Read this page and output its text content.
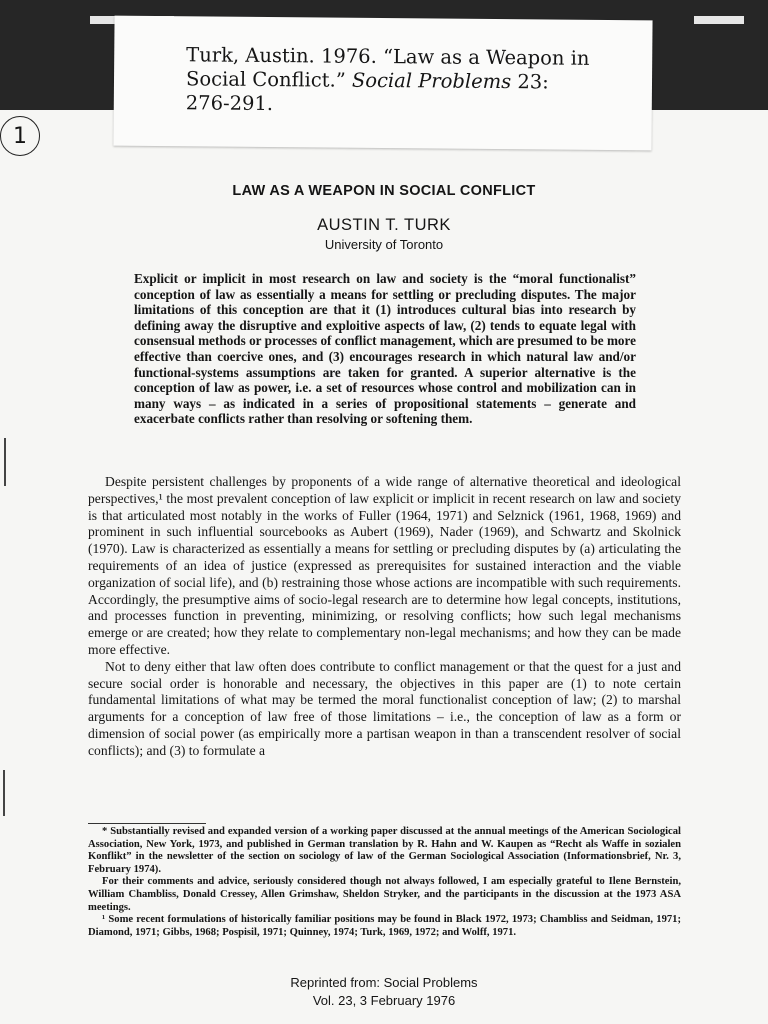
Turk, Austin. 1976. “Law as a Weapon in
Social Conflict.” Social Problems 23:
276-291.
1
LAW AS A WEAPON IN SOCIAL CONFLICT
AUSTIN T. TURK
University of Toronto
Explicit or implicit in most research on law and society is the “moral functionalist” conception of law as essentially a means for settling or precluding disputes. The major limitations of this conception are that it (1) introduces cultural bias into research by defining away the disruptive and exploitive aspects of law, (2) tends to equate legal with consensual methods or processes of conflict management, which are presumed to be more effective than coercive ones, and (3) encourages research in which natural law and/or functional-systems assumptions are taken for granted. A superior alternative is the conception of law as power, i.e. a set of resources whose control and mobilization can in many ways – as indicated in a series of propositional statements – generate and exacerbate conflicts rather than resolving or softening them.

Despite persistent challenges by proponents of a wide range of alternative theoretical and ideological perspectives,¹ the most prevalent conception of law explicit or implicit in recent research on law and society is that articulated most notably in the works of Fuller (1964, 1971) and Selznick (1961, 1968, 1969) and prominent in such influential sourcebooks as Aubert (1969), Nader (1969), and Schwartz and Skolnick (1970). Law is characterized as essentially a means for settling or precluding disputes by (a) articulating the requirements of an idea of justice (expressed as prerequisites for sustained interaction and the viable organization of social life), and (b) restraining those whose actions are incompatible with such requirements. Accordingly, the presumptive aims of socio-legal research are to determine how legal concepts, institutions, and processes function in preventing, minimizing, or resolving conflicts; how such legal mechanisms emerge or are created; how they relate to complementary non-legal mechanisms; and how they can be made more effective.

Not to deny either that law often does contribute to conflict management or that the quest for a just and secure social order is honorable and necessary, the objectives in this paper are (1) to note certain fundamental limitations of what may be termed the moral functionalist conception of law; (2) to marshal arguments for a conception of law free of those limitations – i.e., the conception of law as a form or dimension of social power (as empirically more a partisan weapon in than a transcendent resolver of social conflicts); and (3) to formulate a

* Substantially revised and expanded version of a working paper discussed at the annual meetings of the American Sociological Association, New York, 1973, and published in German translation by R. Hahn and W. Kaupen as “Recht als Waffe in sozialen Konflikt” in the newsletter of the section on sociology of law of the German Sociological Association (Informationsbrief, Nr. 3, February 1974).

For their comments and advice, seriously considered though not always followed, I am especially grateful to Ilene Bernstein, William Chambliss, Donald Cressey, Allen Grimshaw, Sheldon Stryker, and the participants in the discussion at the 1973 ASA meetings.

¹ Some recent formulations of historically familiar positions may be found in Black 1972, 1973; Chambliss and Seidman, 1971; Diamond, 1971; Gibbs, 1968; Pospisil, 1971; Quinney, 1974; Turk, 1969, 1972; and Wolff, 1971.

Reprinted from: Social Problems
Vol. 23, 3 February 1976
